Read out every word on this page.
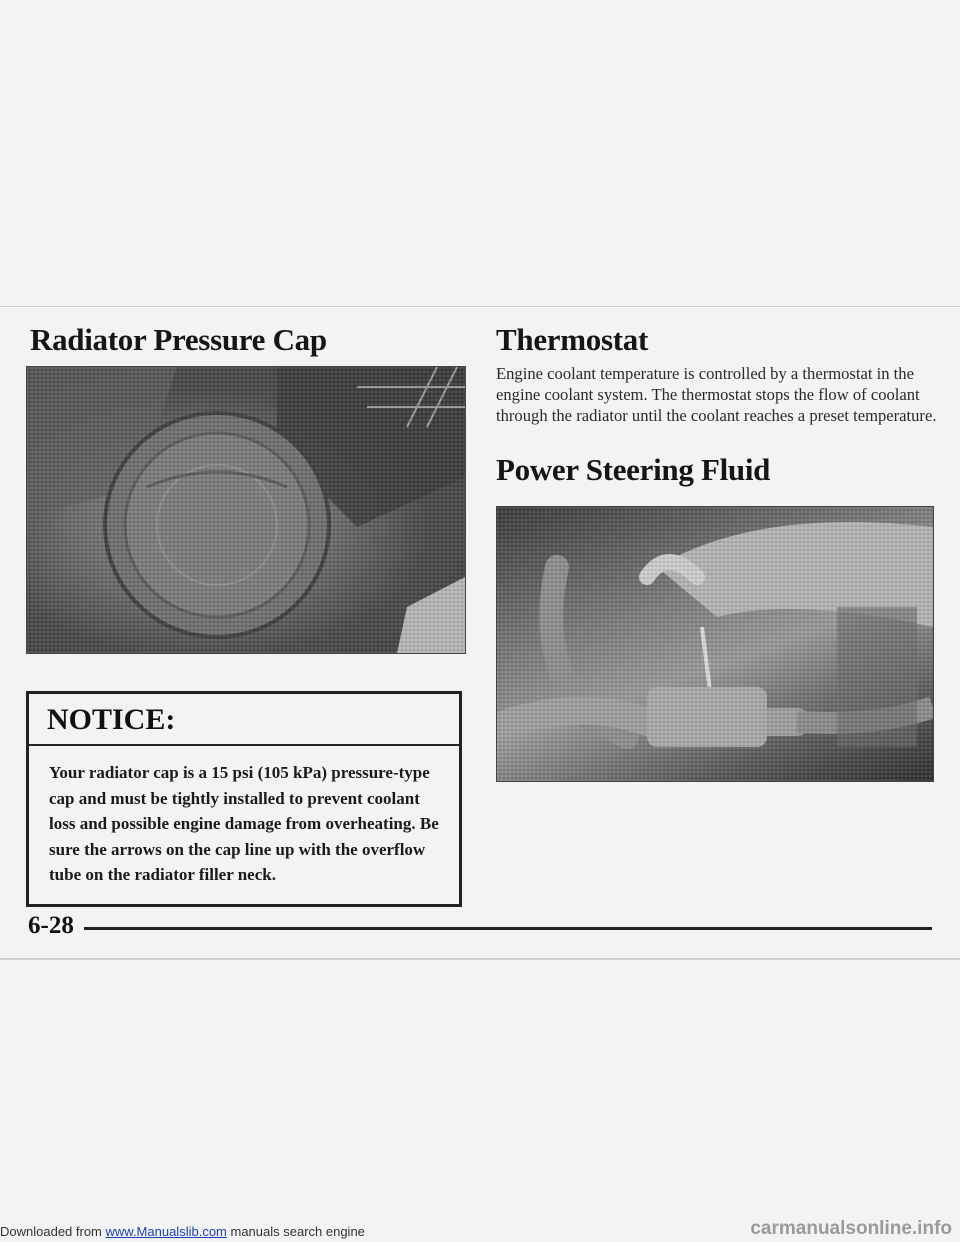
Radiator Pressure Cap
NOTICE:
Your radiator cap is a 15 psi (105 kPa) pressure-type cap and must be tightly installed to prevent coolant loss and possible engine damage from overheating. Be sure the arrows on the cap line up with the overflow tube on the radiator filler neck.
Thermostat
Engine coolant temperature is controlled by a thermostat in the engine coolant system. The thermostat stops the flow of coolant through the radiator until the coolant reaches a preset temperature.
Power Steering Fluid
6-28
Downloaded from www.Manualslib.com manuals search engine	carmanualsonline.info
